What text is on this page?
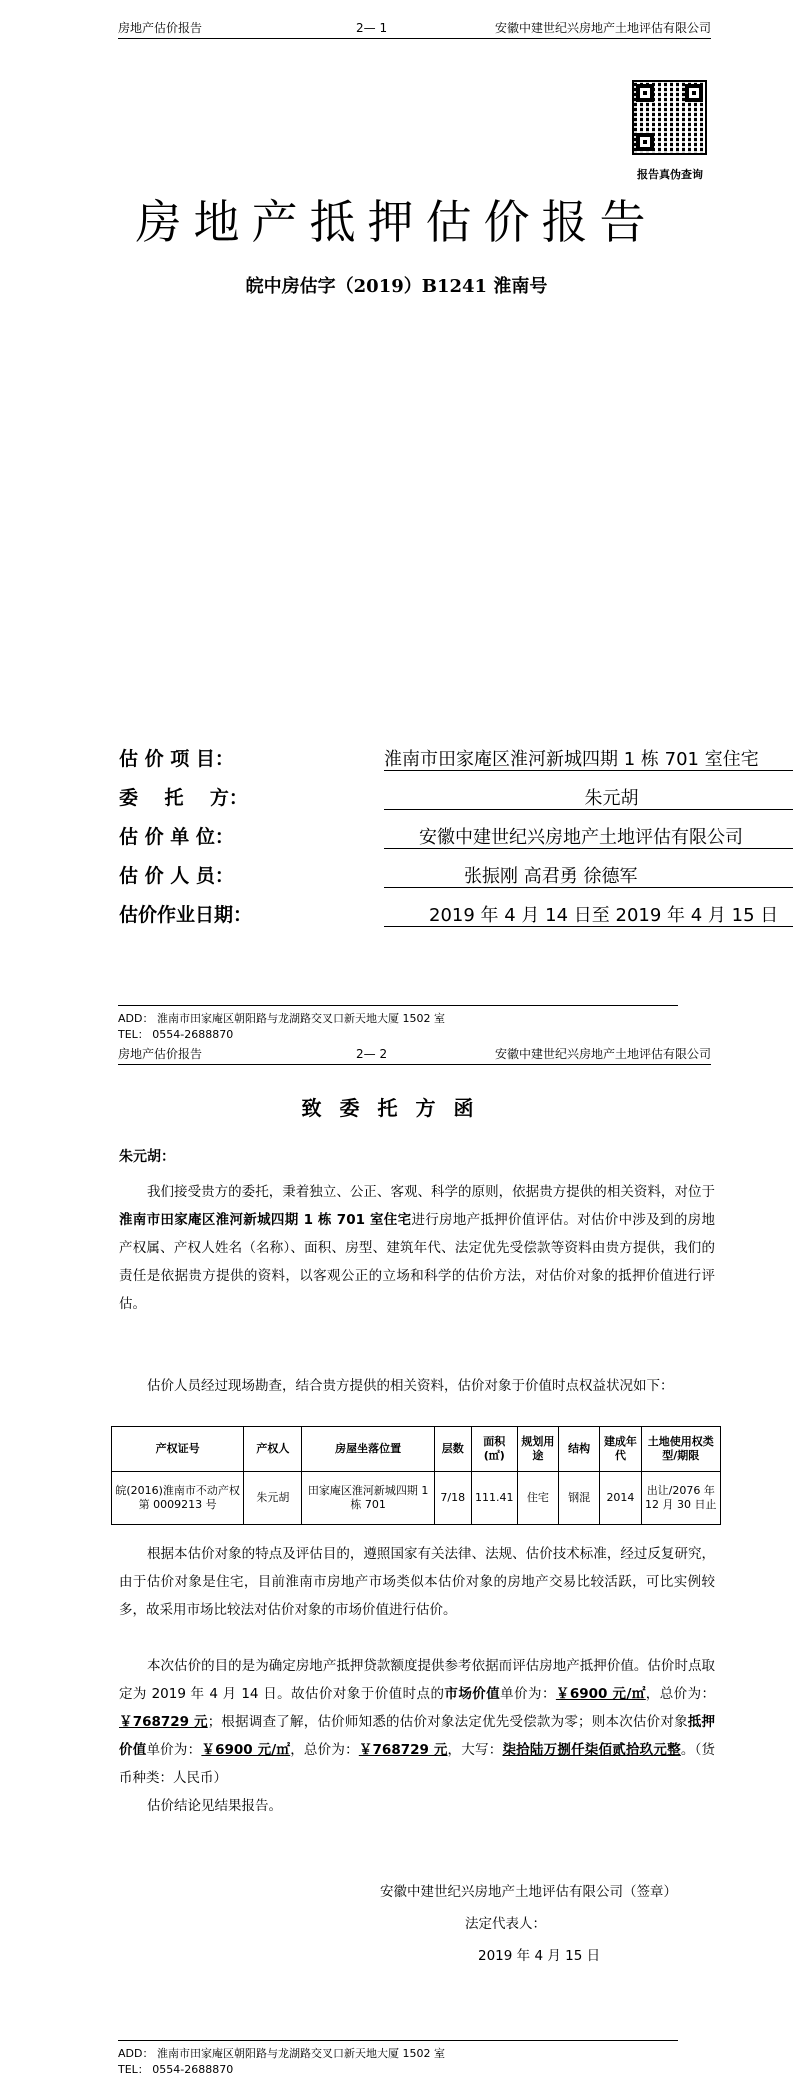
房地产估价报告	2— 1	安徽中建世纪兴房地产土地评估有限公司
报告真伪查询
房地产抵押估价报告
皖中房估字（2019）B1241 淮南号
估 价 项 目：	淮南市田家庵区淮河新城四期 1 栋 701 室住宅
委    托    方：	朱元胡
估 价 单 位：	安徽中建世纪兴房地产土地评估有限公司
估 价 人 员：	张振刚 高君勇 徐德军
估价作业日期：	2019 年 4 月 14 日至 2019 年 4 月 15 日
ADD： 淮南市田家庵区朝阳路与龙湖路交叉口新天地大厦 1502 室
TEL： 0554-2688870
房地产估价报告	2— 2	安徽中建世纪兴房地产土地评估有限公司
致委托方函
朱元胡：
我们接受贵方的委托，秉着独立、公正、客观、科学的原则，依据贵方提供的相关资料，对位于淮南市田家庵区淮河新城四期 1 栋 701 室住宅进行房地产抵押价值评估。对估价中涉及到的房地产权属、产权人姓名（名称）、面积、房型、建筑年代、法定优先受偿款等资料由贵方提供，我们的责任是依据贵方提供的资料，以客观公正的立场和科学的估价方法，对估价对象的抵押价值进行评估。
估价人员经过现场勘查，结合贵方提供的相关资料，估价对象于价值时点权益状况如下：
产权证号	产权人	房屋坐落位置	层数	面积(㎡)	规划用途	结构	建成年代	土地使用权类型/期限
皖(2016)淮南市不动产权第 0009213 号	朱元胡	田家庵区淮河新城四期 1 栋 701	7/18	111.41	住宅	钢混	2014	出让/2076 年 12 月 30 日止
根据本估价对象的特点及评估目的，遵照国家有关法律、法规、估价技术标准，经过反复研究，由于估价对象是住宅，目前淮南市房地产市场类似本估价对象的房地产交易比较活跃，可比实例较多，故采用市场比较法对估价对象的市场价值进行估价。
本次估价的目的是为确定房地产抵押贷款额度提供参考依据而评估房地产抵押价值。估价时点取定为 2019 年 4 月 14 日。故估价对象于价值时点的市场价值单价为：￥6900 元/㎡，总价为：￥768729 元；根据调查了解，估价师知悉的估价对象法定优先受偿款为零；则本次估价对象抵押价值单价为：￥6900 元/㎡，总价为：￥768729 元，大写：柒拾陆万捌仟柒佰贰拾玖元整。（货币种类：人民币）
估价结论见结果报告。
安徽中建世纪兴房地产土地评估有限公司（签章）
法定代表人：
2019 年 4 月 15 日
ADD： 淮南市田家庵区朝阳路与龙湖路交叉口新天地大厦 1502 室
TEL： 0554-2688870
